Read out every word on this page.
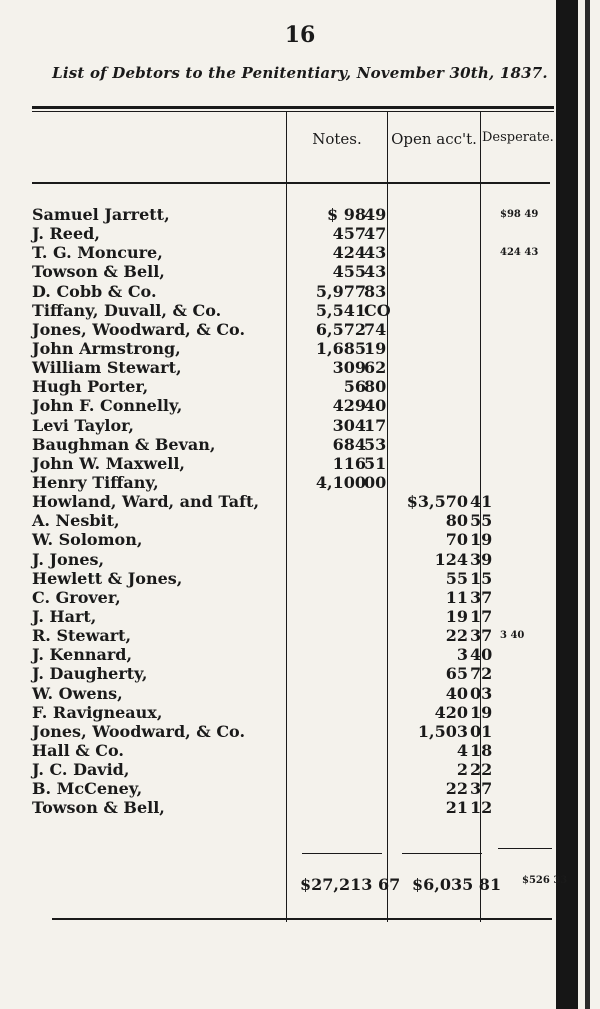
16
List of Debtors to the Penitentiary, November 30th, 1837.
Notes.	Open acc't. Desperate.
Samuel Jarrett,
J. Reed,
T. G. Moncure,
Towson & Bell,
D. Cobb & Co.
Tiffany, Duvall, & Co.
Jones, Woodward, & Co.
John Armstrong,
William Stewart,
Hugh Porter,
John F. Connelly,
Levi Taylor,
Baughman & Bevan,
John W. Maxwell,
Henry Tiffany,
Howland, Ward, and Taft,
A. Nesbit,
W. Solomon,
J. Jones,
Hewlett & Jones,
C. Grover,
J. Hart,
R. Stewart,
J. Kennard,
J. Daugherty,
W. Owens,
F. Ravigneaux,
Jones, Woodward, & Co.
Hall & Co.
J. C. David,
B. McCeney,
Towson & Bell,
$ 98
49
457
47
424
43
455
43
5,977
83
5,541
CO
6,572
74
1,685
19
309
62
56
80
429
40
304
17
684
53
116
51
4,100
00
$3,570 41
80 55
70 19
124 39
55 15
11 37
19 17
22 37
3 40
65 72
40 03
420 19
1,503 01
4 18
2 22
22 37
21 12
$98 49
424 43
3 40
$27,213 67 $6,035 81 $526 33
